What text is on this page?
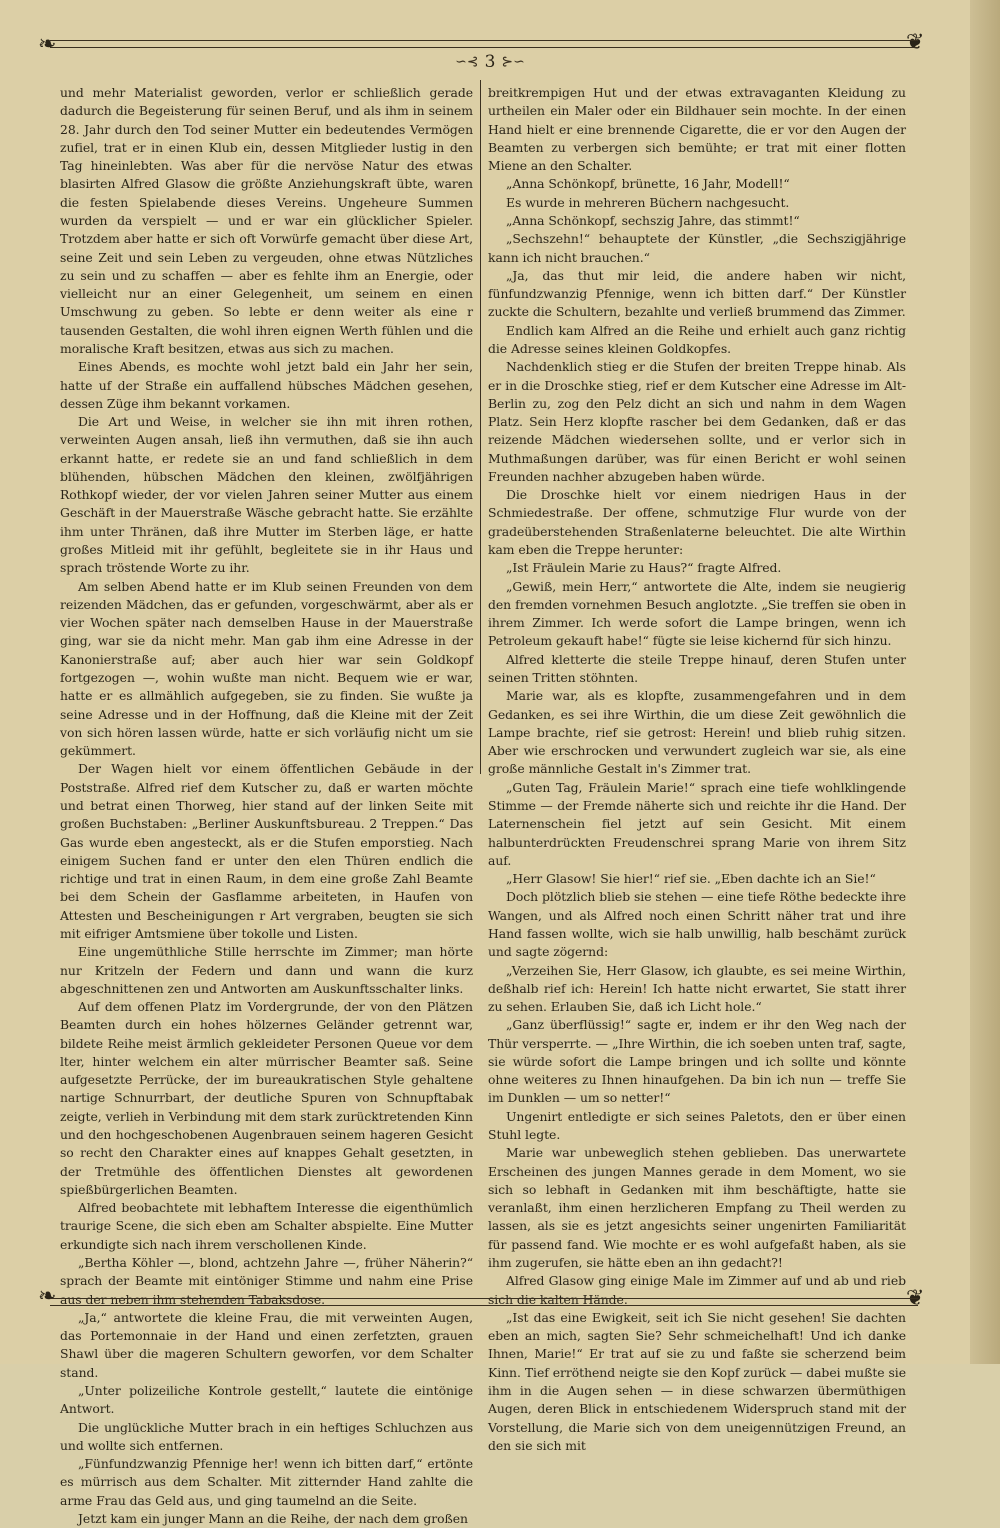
❧	❦
❧	❦
∽⊰ 3 ⊱∽

und mehr Materialist geworden, verlor er schließlich gerade dadurch die Begeisterung für seinen Beruf, und als ihm in seinem 28. Jahr durch den Tod seiner Mutter ein bedeutendes Vermögen zufiel, trat er in einen Klub ein, dessen Mitglieder lustig in den Tag hineinlebten. Was aber für die nervöse Natur des etwas blasirten Alfred Glasow die größte Anziehungskraft übte, waren die festen Spielabende dieses Vereins. Ungeheure Summen wurden da verspielt — und er war ein glücklicher Spieler. Trotzdem aber hatte er sich oft Vorwürfe gemacht über diese Art, seine Zeit und sein Leben zu vergeuden, ohne etwas Nützliches zu sein und zu schaffen — aber es fehlte ihm an Energie, oder vielleicht nur an einer Gelegenheit, um seinem en einen Umschwung zu geben. So lebte er denn weiter als eine r tausenden Gestalten, die wohl ihren eignen Werth fühlen und die moralische Kraft besitzen, etwas aus sich zu machen.

Eines Abends, es mochte wohl jetzt bald ein Jahr her sein, hatte uf der Straße ein auffallend hübsches Mädchen gesehen, dessen Züge ihm bekannt vorkamen.

Die Art und Weise, in welcher sie ihn mit ihren rothen, verweinten Augen ansah, ließ ihn vermuthen, daß sie ihn auch erkannt hatte, er redete sie an und fand schließlich in dem blühenden, hübschen Mädchen den kleinen, zwölfjährigen Rothkopf wieder, der vor vielen Jahren seiner Mutter aus einem Geschäft in der Mauerstraße Wäsche gebracht hatte. Sie erzählte ihm unter Thränen, daß ihre Mutter im Sterben läge, er hatte großes Mitleid mit ihr gefühlt, begleitete sie in ihr Haus und sprach tröstende Worte zu ihr.

Am selben Abend hatte er im Klub seinen Freunden von dem reizenden Mädchen, das er gefunden, vorgeschwärmt, aber als er vier Wochen später nach demselben Hause in der Mauerstraße ging, war sie da nicht mehr. Man gab ihm eine Adresse in der Kanonierstraße auf; aber auch hier war sein Goldkopf fortgezogen —, wohin wußte man nicht. Bequem wie er war, hatte er es allmählich aufgegeben, sie zu finden. Sie wußte ja seine Adresse und in der Hoffnung, daß die Kleine mit der Zeit von sich hören lassen würde, hatte er sich vorläufig nicht um sie gekümmert.

Der Wagen hielt vor einem öffentlichen Gebäude in der Poststraße. Alfred rief dem Kutscher zu, daß er warten möchte und betrat einen Thorweg, hier stand auf der linken Seite mit großen Buchstaben: „Berliner Auskunftsbureau. 2 Treppen.“ Das Gas wurde eben angesteckt, als er die Stufen emporstieg. Nach einigem Suchen fand er unter den elen Thüren endlich die richtige und trat in einen Raum, in dem eine große Zahl Beamte bei dem Schein der Gasflamme arbeiteten, in Haufen von Attesten und Bescheinigungen r Art vergraben, beugten sie sich mit eifriger Amtsmiene über tokolle und Listen.

Eine ungemüthliche Stille herrschte im Zimmer; man hörte nur Kritzeln der Federn und dann und wann die kurz abgeschnittenen zen und Antworten am Auskunftsschalter links.

Auf dem offenen Platz im Vordergrunde, der von den Plätzen Beamten durch ein hohes hölzernes Geländer getrennt war, bildete Reihe meist ärmlich gekleideter Personen Queue vor dem lter, hinter welchem ein alter mürrischer Beamter saß. Seine aufgesetzte Perrücke, der im bureaukratischen Style gehaltene nartige Schnurrbart, der deutliche Spuren von Schnupftabak zeigte, verlieh in Verbindung mit dem stark zurücktretenden Kinn und den hochgeschobenen Augenbrauen seinem hageren Gesicht so recht den Charakter eines auf knappes Gehalt gesetzten, in der Tretmühle des öffentlichen Dienstes alt gewordenen spießbürgerlichen Beamten.

Alfred beobachtete mit lebhaftem Interesse die eigenthümlich traurige Scene, die sich eben am Schalter abspielte. Eine Mutter erkundigte sich nach ihrem verschollenen Kinde.

„Bertha Köhler —, blond, achtzehn Jahre —, früher Näherin?“ sprach der Beamte mit eintöniger Stimme und nahm eine Prise aus der neben ihm stehenden Tabaksdose.

„Ja,“ antwortete die kleine Frau, die mit verweinten Augen, das Portemonnaie in der Hand und einen zerfetzten, grauen Shawl über die mageren Schultern geworfen, vor dem Schalter stand.

„Unter polizeiliche Kontrole gestellt,“ lautete die eintönige Antwort.

Die unglückliche Mutter brach in ein heftiges Schluchzen aus und wollte sich entfernen.

„Fünfundzwanzig Pfennige her! wenn ich bitten darf,“ ertönte es mürrisch aus dem Schalter. Mit zitternder Hand zahlte die arme Frau das Geld aus, und ging taumelnd an die Seite.

Jetzt kam ein junger Mann an die Reihe, der nach dem großen

breitkrempigen Hut und der etwas extravaganten Kleidung zu urtheilen ein Maler oder ein Bildhauer sein mochte. In der einen Hand hielt er eine brennende Cigarette, die er vor den Augen der Beamten zu verbergen sich bemühte; er trat mit einer flotten Miene an den Schalter.

„Anna Schönkopf, brünette, 16 Jahr, Modell!“

Es wurde in mehreren Büchern nachgesucht.

„Anna Schönkopf, sechszig Jahre, das stimmt!“

„Sechszehn!“ behauptete der Künstler, „die Sechszigjährige kann ich nicht brauchen.“

„Ja, das thut mir leid, die andere haben wir nicht, fünfundzwanzig Pfennige, wenn ich bitten darf.“ Der Künstler zuckte die Schultern, bezahlte und verließ brummend das Zimmer.

Endlich kam Alfred an die Reihe und erhielt auch ganz richtig die Adresse seines kleinen Goldkopfes.

Nachdenklich stieg er die Stufen der breiten Treppe hinab. Als er in die Droschke stieg, rief er dem Kutscher eine Adresse im Alt-Berlin zu, zog den Pelz dicht an sich und nahm in dem Wagen Platz. Sein Herz klopfte rascher bei dem Gedanken, daß er das reizende Mädchen wiedersehen sollte, und er verlor sich in Muthmaßungen darüber, was für einen Bericht er wohl seinen Freunden nachher abzugeben haben würde.

Die Droschke hielt vor einem niedrigen Haus in der Schmiedestraße. Der offene, schmutzige Flur wurde von der gradeüberstehenden Straßenlaterne beleuchtet. Die alte Wirthin kam eben die Treppe herunter:

„Ist Fräulein Marie zu Haus?“ fragte Alfred.

„Gewiß, mein Herr,“ antwortete die Alte, indem sie neugierig den fremden vornehmen Besuch anglotzte. „Sie treffen sie oben in ihrem Zimmer. Ich werde sofort die Lampe bringen, wenn ich Petroleum gekauft habe!“ fügte sie leise kichernd für sich hinzu.

Alfred kletterte die steile Treppe hinauf, deren Stufen unter seinen Tritten stöhnten.

Marie war, als es klopfte, zusammengefahren und in dem Gedanken, es sei ihre Wirthin, die um diese Zeit gewöhnlich die Lampe brachte, rief sie getrost: Herein! und blieb ruhig sitzen. Aber wie erschrocken und verwundert zugleich war sie, als eine große männliche Gestalt in's Zimmer trat.

„Guten Tag, Fräulein Marie!“ sprach eine tiefe wohlklingende Stimme — der Fremde näherte sich und reichte ihr die Hand. Der Laternenschein fiel jetzt auf sein Gesicht. Mit einem halbunterdrückten Freudenschrei sprang Marie von ihrem Sitz auf.

„Herr Glasow! Sie hier!“ rief sie. „Eben dachte ich an Sie!“

Doch plötzlich blieb sie stehen — eine tiefe Röthe bedeckte ihre Wangen, und als Alfred noch einen Schritt näher trat und ihre Hand fassen wollte, wich sie halb unwillig, halb beschämt zurück und sagte zögernd:

„Verzeihen Sie, Herr Glasow, ich glaubte, es sei meine Wirthin, deßhalb rief ich: Herein! Ich hatte nicht erwartet, Sie statt ihrer zu sehen. Erlauben Sie, daß ich Licht hole.“

„Ganz überflüssig!“ sagte er, indem er ihr den Weg nach der Thür versperrte. — „Ihre Wirthin, die ich soeben unten traf, sagte, sie würde sofort die Lampe bringen und ich sollte und könnte ohne weiteres zu Ihnen hinaufgehen. Da bin ich nun — treffe Sie im Dunklen — um so netter!“

Ungenirt entledigte er sich seines Paletots, den er über einen Stuhl legte.

Marie war unbeweglich stehen geblieben. Das unerwartete Erscheinen des jungen Mannes gerade in dem Moment, wo sie sich so lebhaft in Gedanken mit ihm beschäftigte, hatte sie veranlaßt, ihm einen herzlicheren Empfang zu Theil werden zu lassen, als sie es jetzt angesichts seiner ungenirten Familiarität für passend fand. Wie mochte er es wohl aufgefaßt haben, als sie ihm zugerufen, sie hätte eben an ihn gedacht?!

Alfred Glasow ging einige Male im Zimmer auf und ab und rieb sich die kalten Hände.

„Ist das eine Ewigkeit, seit ich Sie nicht gesehen! Sie dachten eben an mich, sagten Sie? Sehr schmeichelhaft! Und ich danke Ihnen, Marie!“ Er trat auf sie zu und faßte sie scherzend beim Kinn. Tief erröthend neigte sie den Kopf zurück — dabei mußte sie ihm in die Augen sehen — in diese schwarzen übermüthigen Augen, deren Blick in entschiedenem Widerspruch stand mit der Vorstellung, die Marie sich von dem uneigennützigen Freund, an den sie sich mit
